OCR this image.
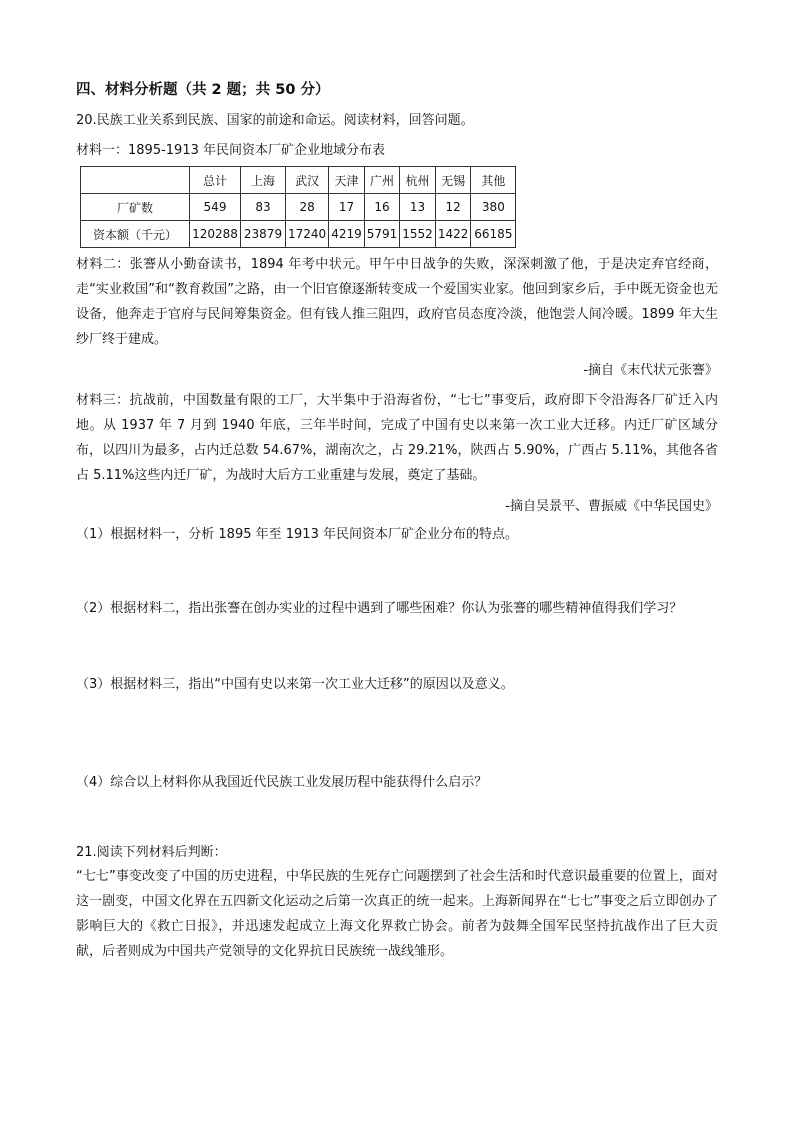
四、材料分析题（共 2 题；共 50 分）

20.民族工业关系到民族、国家的前途和命运。阅读材料，回答问题。

材料一：1895-1913 年民间资本厂矿企业地域分布表

	总计	上海	武汉	天津	广州	杭州	无锡	其他
厂矿数	549	83	28	17	16	13	12	380
资本额（千元）	120288	23879	17240	4219	5791	1552	1422	66185

材料二：张謇从小勤奋读书，1894 年考中状元。甲午中日战争的失败，深深刺激了他，于是决定弃官经商，走“实业救国”和“教育救国”之路，由一个旧官僚逐渐转变成一个爱国实业家。他回到家乡后，手中既无资金也无设备，他奔走于官府与民间筹集资金。但有钱人推三阻四，政府官员态度冷淡，他饱尝人间冷暖。1899 年大生纱厂终于建成。

-摘自《末代状元张謇》

材料三：抗战前，中国数量有限的工厂，大半集中于沿海省份，“七七”事变后，政府即下令沿海各厂矿迁入内地。从 1937 年 7 月到 1940 年底，三年半时间，完成了中国有史以来第一次工业大迁移。内迁厂矿区域分布，以四川为最多，占内迁总数 54.67%，湖南次之，占 29.21%，陕西占 5.90%，广西占 5.11%，其他各省占 5.11%这些内迁厂矿，为战时大后方工业重建与发展，奠定了基础。

-摘自吴景平、曹振威《中华民国史》

（1）根据材料一，分析 1895 年至 1913 年民间资本厂矿企业分布的特点。

（2）根据材料二，指出张謇在创办实业的过程中遇到了哪些困难？你认为张謇的哪些精神值得我们学习？

（3）根据材料三，指出“中国有史以来第一次工业大迁移”的原因以及意义。

（4）综合以上材料你从我国近代民族工业发展历程中能获得什么启示？

21.阅读下列材料后判断：

“七七”事变改变了中国的历史进程，中华民族的生死存亡问题摆到了社会生活和时代意识最重要的位置上，面对这一剧变，中国文化界在五四新文化运动之后第一次真正的统一起来。上海新闻界在“七七”事变之后立即创办了影响巨大的《救亡日报》，并迅速发起成立上海文化界救亡协会。前者为鼓舞全国军民坚持抗战作出了巨大贡献，后者则成为中国共产党领导的文化界抗日民族统一战线雏形。
